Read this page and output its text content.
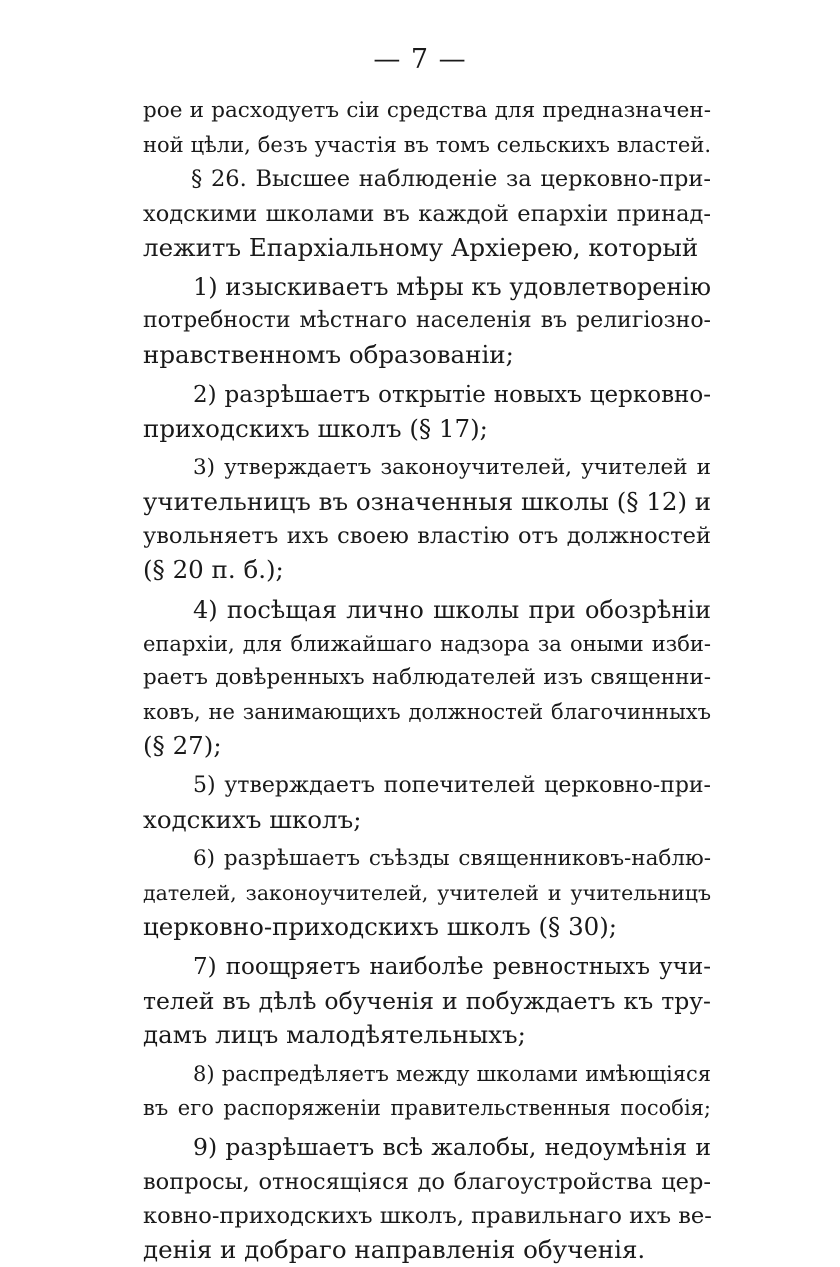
— 7 —
рое и расходуетъ сiи средства для предназначен-
ной цѣли, безъ участiя въ томъ сельскихъ властей.
§ 26. Высшее наблюденiе за церковно-при-
ходскими школами въ каждой епархiи принад-
лежитъ Епархiальному Архiерею, который
1) изыскиваетъ мѣры къ удовлетворенiю
потребности мѣстнаго населенiя въ религiозно-
нравственномъ образованiи;
2) разрѣшаетъ открытiе новыхъ церковно-
приходскихъ школъ (§ 17);
3) утверждаетъ законоучителей, учителей и
учительницъ въ означенныя школы (§ 12) и
увольняетъ ихъ своею властiю отъ должностей
(§ 20 п. б.);
4) посѣщая лично школы при обозрѣнiи
епархiи, для ближайшаго надзора за оными изби-
раетъ довѣренныхъ наблюдателей изъ священни-
ковъ, не занимающихъ должностей благочинныхъ
(§ 27);
5) утверждаетъ попечителей церковно-при-
ходскихъ школъ;
6) разрѣшаетъ съѣзды священниковъ-наблю-
дателей, законоучителей, учителей и учительницъ
церковно-приходскихъ школъ (§ 30);
7) поощряетъ наиболѣе ревностныхъ учи-
телей въ дѣлѣ обученiя и побуждаетъ къ тру-
дамъ лицъ малодѣятельныхъ;
8) распредѣляетъ между школами имѣющiяся
въ его распоряженiи правительственныя пособiя;
9) разрѣшаетъ всѣ жалобы, недоумѣнiя и
вопросы, относящiяся до благоустройства цер-
ковно-приходскихъ школъ, правильнаго ихъ ве-
денiя и добраго направленiя обученiя.
